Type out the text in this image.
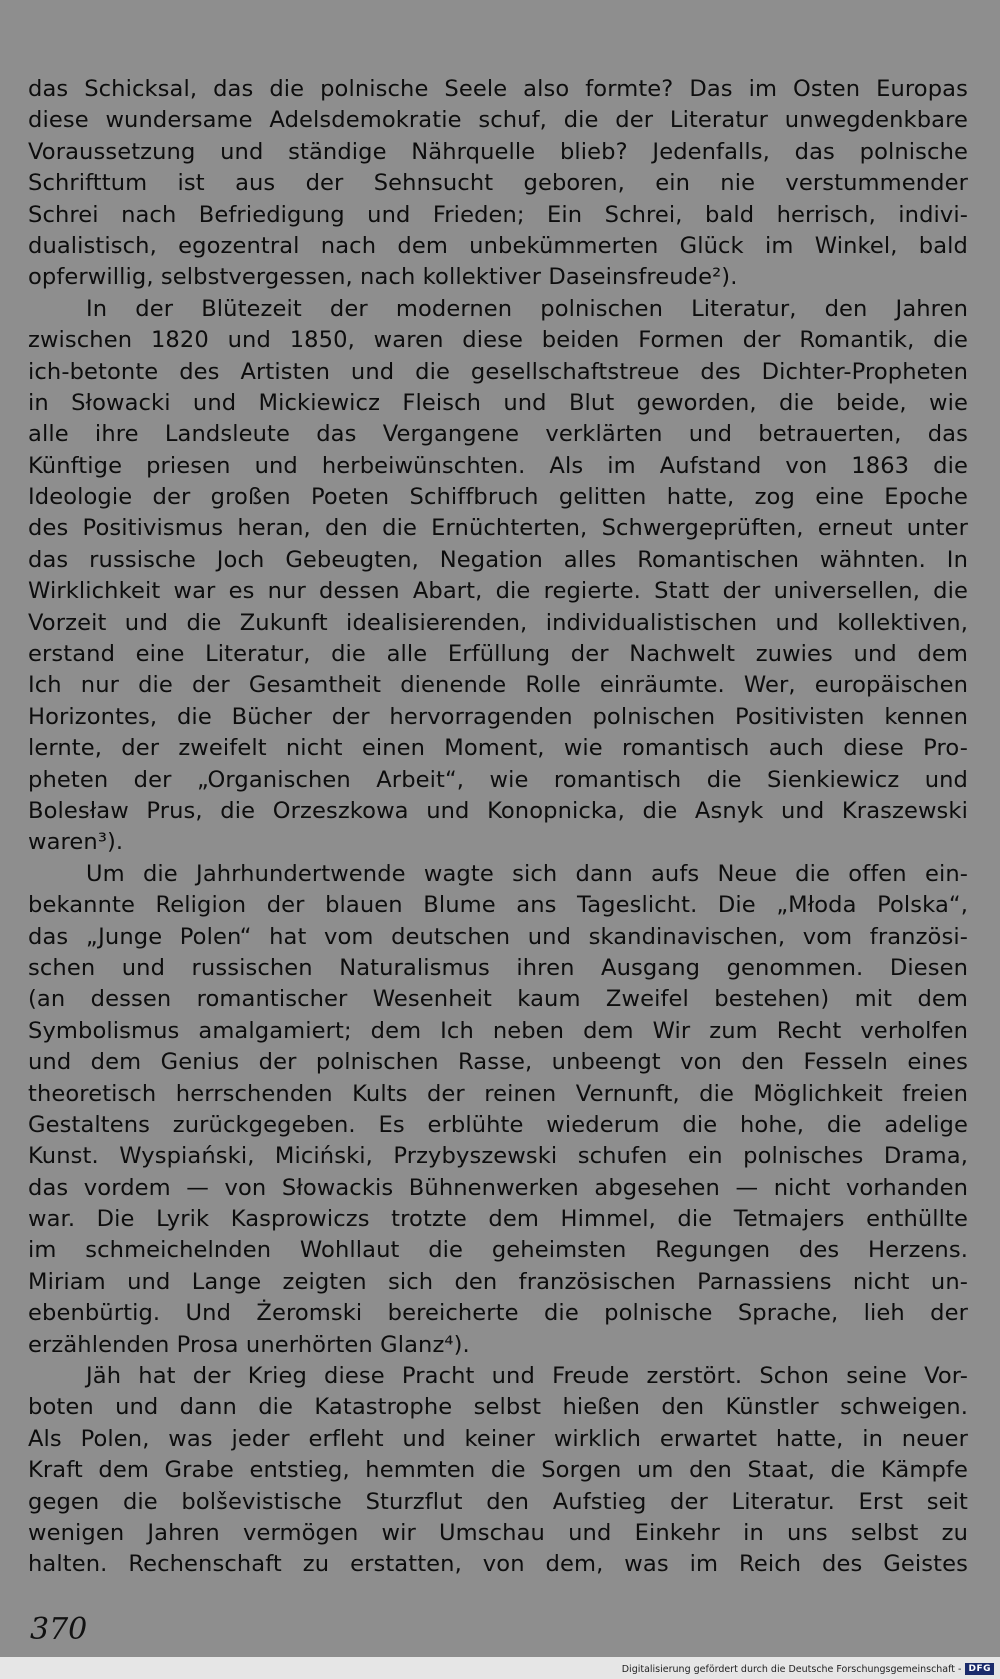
das Schicksal, das die polnische Seele also formte? Das im Osten Europas
diese wundersame Adelsdemokratie schuf, die der Literatur unwegdenkbare
Voraussetzung und ständige Nährquelle blieb? Jedenfalls, das polnische
Schrifttum ist aus der Sehnsucht geboren, ein nie verstummender
Schrei nach Befriedigung und Frieden; Ein Schrei, bald herrisch, indivi-
dualistisch, egozentral nach dem unbekümmerten Glück im Winkel, bald
opferwillig, selbstvergessen, nach kollektiver Daseinsfreude²).
In der Blütezeit der modernen polnischen Literatur, den Jahren
zwischen 1820 und 1850, waren diese beiden Formen der Romantik, die
ich-betonte des Artisten und die gesellschaftstreue des Dichter-Propheten
in Słowacki und Mickiewicz Fleisch und Blut geworden, die beide, wie
alle ihre Landsleute das Vergangene verklärten und betrauerten, das
Künftige priesen und herbeiwünschten. Als im Aufstand von 1863 die
Ideologie der großen Poeten Schiffbruch gelitten hatte, zog eine Epoche
des Positivismus heran, den die Ernüchterten, Schwergeprüften, erneut unter
das russische Joch Gebeugten, Negation alles Romantischen wähnten. In
Wirklichkeit war es nur dessen Abart, die regierte. Statt der universellen, die
Vorzeit und die Zukunft idealisierenden, individualistischen und kollektiven,
erstand eine Literatur, die alle Erfüllung der Nachwelt zuwies und dem
Ich nur die der Gesamtheit dienende Rolle einräumte. Wer, europäischen
Horizontes, die Bücher der hervorragenden polnischen Positivisten kennen
lernte, der zweifelt nicht einen Moment, wie romantisch auch diese Pro-
pheten der „Organischen Arbeit“, wie romantisch die Sienkiewicz und
Bolesław Prus, die Orzeszkowa und Konopnicka, die Asnyk und Kraszewski
waren³).
Um die Jahrhundertwende wagte sich dann aufs Neue die offen ein-
bekannte Religion der blauen Blume ans Tageslicht. Die „Młoda Polska“,
das „Junge Polen“ hat vom deutschen und skandinavischen, vom französi-
schen und russischen Naturalismus ihren Ausgang genommen. Diesen
(an dessen romantischer Wesenheit kaum Zweifel bestehen) mit dem
Symbolismus amalgamiert; dem Ich neben dem Wir zum Recht verholfen
und dem Genius der polnischen Rasse, unbeengt von den Fesseln eines
theoretisch herrschenden Kults der reinen Vernunft, die Möglichkeit freien
Gestaltens zurückgegeben. Es erblühte wiederum die hohe, die adelige
Kunst. Wyspiański, Miciński, Przybyszewski schufen ein polnisches Drama,
das vordem — von Słowackis Bühnenwerken abgesehen — nicht vorhanden
war. Die Lyrik Kasprowiczs trotzte dem Himmel, die Tetmajers enthüllte
im schmeichelnden Wohllaut die geheimsten Regungen des Herzens.
Miriam und Lange zeigten sich den französischen Parnassiens nicht un-
ebenbürtig. Und Żeromski bereicherte die polnische Sprache, lieh der
erzählenden Prosa unerhörten Glanz⁴).
Jäh hat der Krieg diese Pracht und Freude zerstört. Schon seine Vor-
boten und dann die Katastrophe selbst hießen den Künstler schweigen.
Als Polen, was jeder erfleht und keiner wirklich erwartet hatte, in neuer
Kraft dem Grabe entstieg, hemmten die Sorgen um den Staat, die Kämpfe
gegen die bolševistische Sturzflut den Aufstieg der Literatur. Erst seit
wenigen Jahren vermögen wir Umschau und Einkehr in uns selbst zu
halten. Rechenschaft zu erstatten, von dem, was im Reich des Geistes
370
Digitalisierung gefördert durch die Deutsche Forschungsgemeinschaft - DFG
